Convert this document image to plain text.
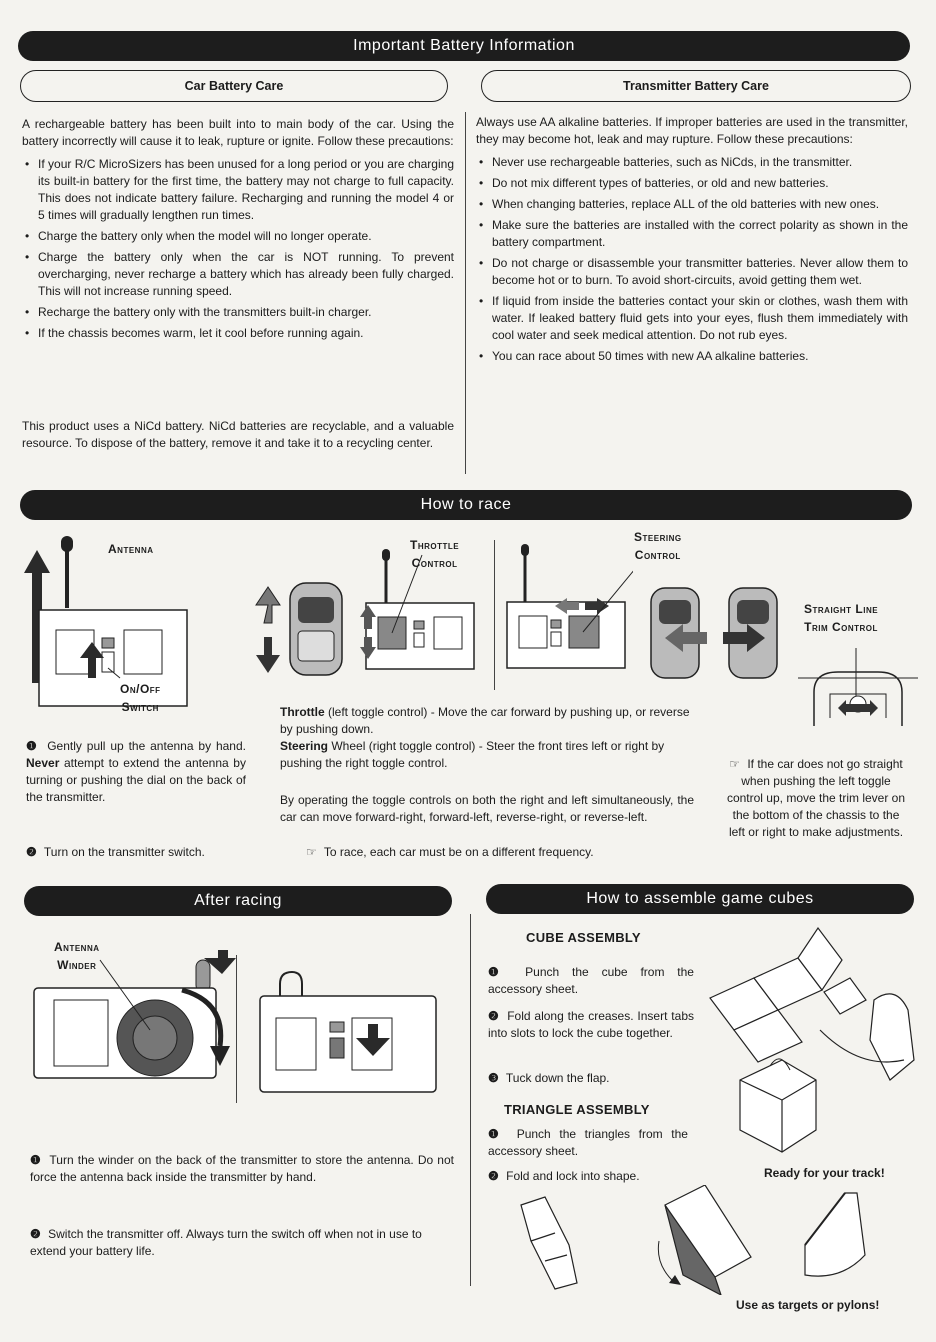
Important Battery Information
Car Battery Care	Transmitter Battery Care
A rechargeable battery has been built into to main body of the car. Using the battery incorrectly will cause it to leak, rupture or ignite. Follow these precautions:
• If your R/C MicroSizers has been unused for a long period or you are charging its built-in battery for the first time, the battery may not charge to full capacity. This does not indicate battery failure. Recharging and running the model 4 or 5 times will gradually lengthen run times.
• Charge the battery only when the model will no longer operate.
• Charge the battery only when the car is NOT running. To prevent overcharging, never recharge a battery which has already been fully charged. This will not increase running speed.
• Recharge the battery only with the transmitters built-in charger.
• If the chassis becomes warm, let it cool before running again.
This product uses a NiCd battery. NiCd batteries are recyclable, and a valuable resource. To dispose of the battery, remove it and take it to a recycling center.
Always use AA alkaline batteries. If improper batteries are used in the transmitter, they may become hot, leak and may rupture. Follow these precautions:
• Never use rechargeable batteries, such as NiCds, in the transmitter.
• Do not mix different types of batteries, or old and new batteries.
• When changing batteries, replace ALL of the old batteries with new ones.
• Make sure the batteries are installed with the correct polarity as shown in the battery compartment.
• Do not charge or disassemble your transmitter batteries. Never allow them to become hot or to burn. To avoid short-circuits, avoid getting them wet.
• If liquid from inside the batteries contact your skin or clothes, wash them with water. If leaked battery fluid gets into your eyes, flush them immediately with cool water and seek medical attention. Do not rub eyes.
• You can race about 50 times with new AA alkaline batteries.
How to race
Antenna
On/Off
Switch
Throttle
Control
Steering
Control
Straight Line
Trim Control
❶ Gently pull up the antenna by hand. Never attempt to extend the antenna by turning or pushing the dial on the back of the transmitter.
❷ Turn on the transmitter switch.
Throttle (left toggle control) - Move the car forward by pushing up, or reverse by pushing down.
Steering Wheel (right toggle control) - Steer the front tires left or right by pushing the right toggle control.
By operating the toggle controls on both the right and left simultaneously, the car can move forward-right, forward-left, reverse-right, or reverse-left.
☞ To race, each car must be on a different frequency.
☞ If the car does not go straight when pushing the left toggle control up, move the trim lever on the bottom of the chassis to the left or right to make adjustments.
After racing
Antenna
Winder
❶ Turn the winder on the back of the transmitter to store the antenna. Do not force the antenna back inside the transmitter by hand.
❷ Switch the transmitter off. Always turn the switch off when not in use to extend your battery life.
How to assemble game cubes
CUBE ASSEMBLY
❶ Punch the cube from the accessory sheet.
❷ Fold along the creases. Insert tabs into slots to lock the cube together.
❸ Tuck down the flap.
TRIANGLE ASSEMBLY
❶ Punch the triangles from the accessory sheet.
❷ Fold and lock into shape.	Ready for your track!
Use as targets or pylons!
